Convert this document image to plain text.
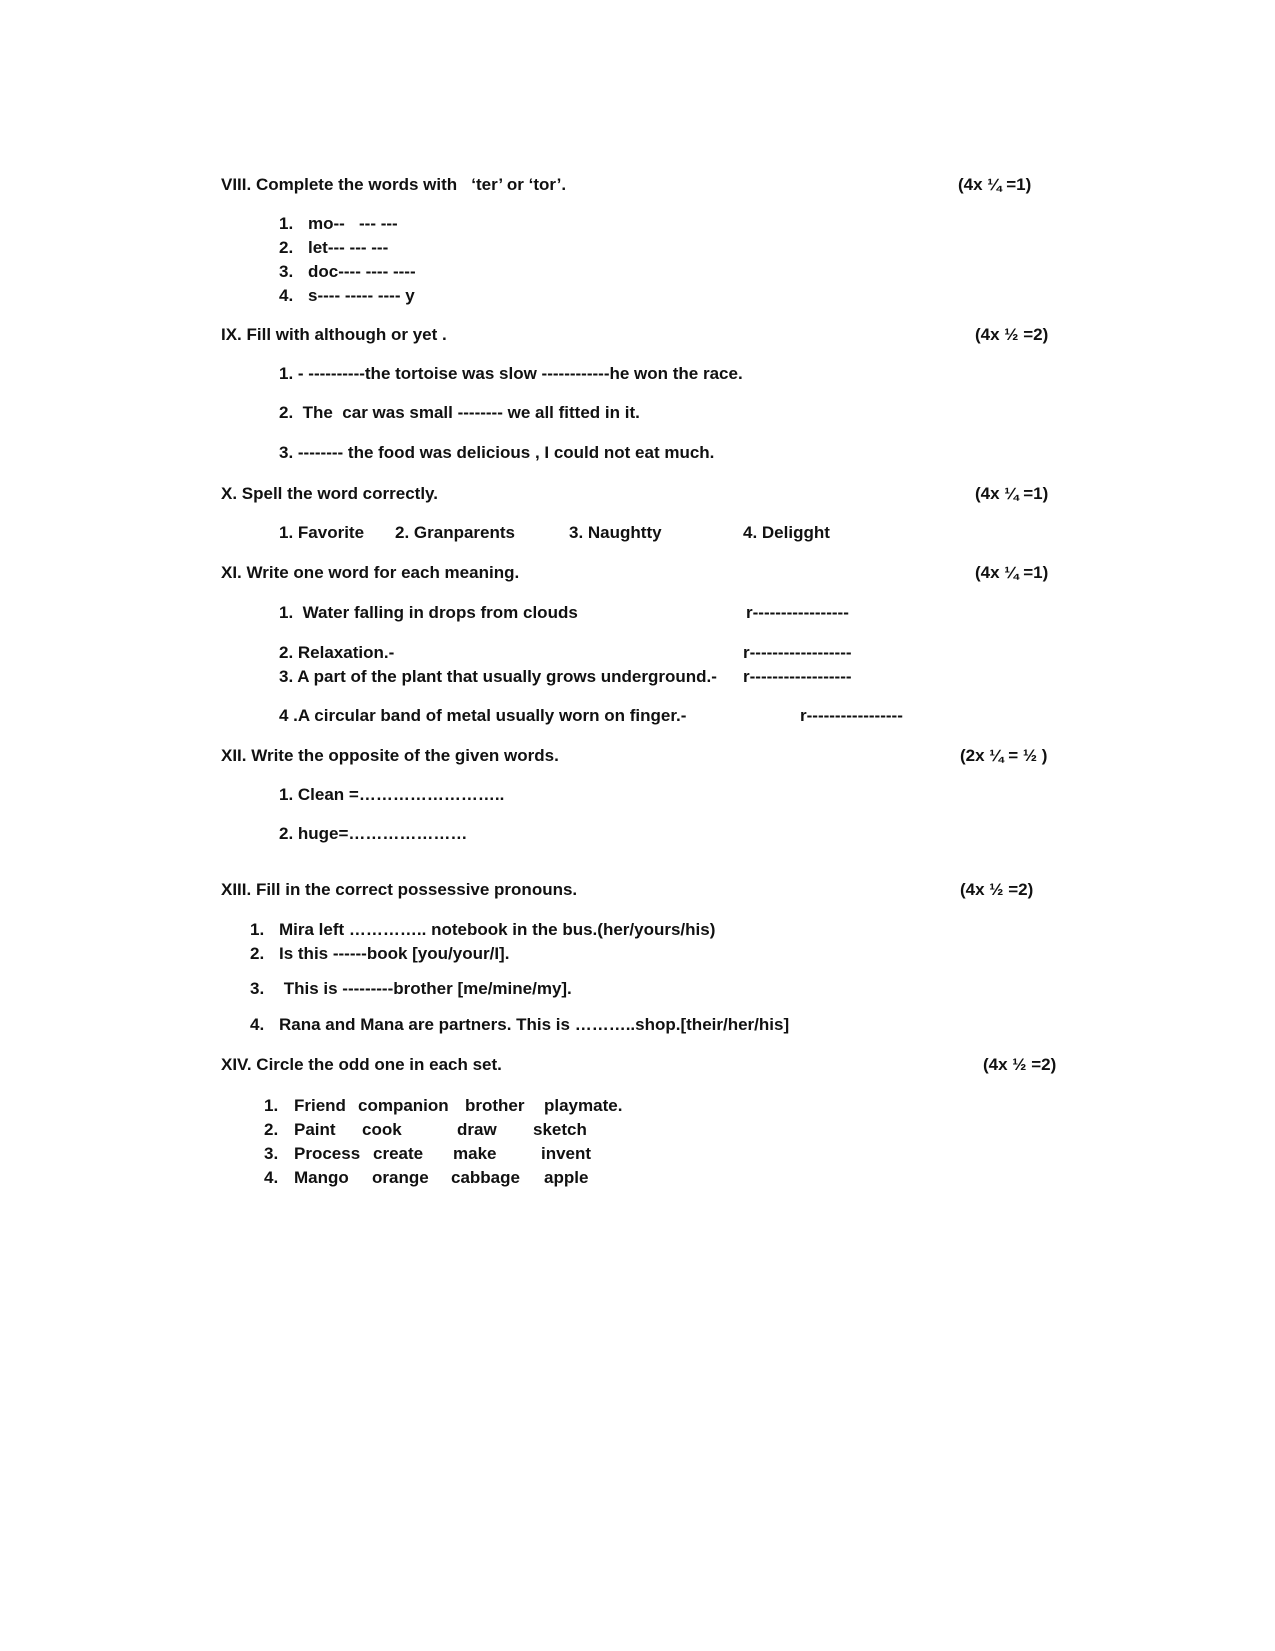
VIII. Complete the words with   ‘ter’ or ‘tor’.	(4x ¼ =1)
1. mo--   --- ---
2. let--- --- ---
3. doc---- ---- ----
4. s---- ----- ---- y
IX. Fill with although or yet .	(4x ½ =2)
1. - ----------the tortoise was slow ------------he won the race.
2.  The  car was small -------- we all fitted in it.
3. -------- the food was delicious , I could not eat much.
X. Spell the word correctly.	(4x ¼ =1)
1. Favorite 2. Granparents	3. Naughtty	4. Deligght
XI. Write one word for each meaning.	(4x ¼ =1)
1.  Water falling in drops from clouds	r-----------------
2. Relaxation.-	r------------------
3. A part of the plant that usually grows underground.- r------------------
4 .A circular band of metal usually worn on finger.-	r-----------------
XII. Write the opposite of the given words.	(2x ¼ = ½ )
1. Clean =……………………..
2. huge=…………………
XIII. Fill in the correct possessive pronouns.	(4x ½ =2)
1. Mira left ………….. notebook in the bus.(her/yours/his)
2. Is this ------book [you/your/I].
3. This is ---------brother [me/mine/my].
4. Rana and Mana are partners. This is ………..shop.[their/her/his]
XIV. Circle the odd one in each set.	(4x ½ =2)
1. Friend companion brother playmate.
2. Paint cook	draw sketch
3. Process create make	invent
4. Mango orange cabbage apple
